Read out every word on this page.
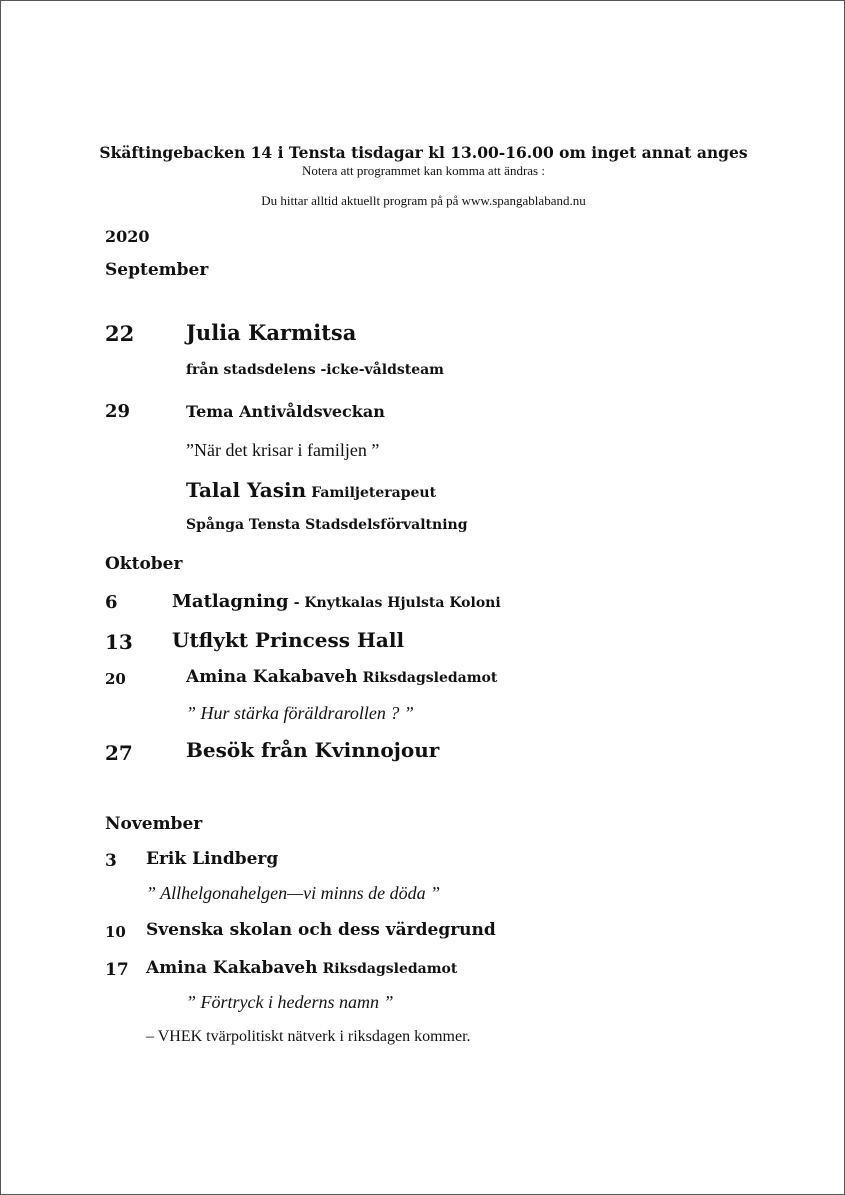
Skäftingebacken 14 i Tensta tisdagar kl 13.00-16.00 om inget annat anges
Notera att programmet kan komma att ändras :
Du hittar alltid aktuellt program på på www.spangablaband.nu
2020
September
22 Julia Karmitsa
från stadsdelens -icke-våldsteam
29	Tema Antivåldsveckan
”När det krisar i familjen ”
Talal Yasin Familjeterapeut
Spånga Tensta Stadsdelsförvaltning
Oktober
6	Matlagning - Knytkalas Hjulsta Koloni
13 Utflykt Princess Hall
20	Amina Kakabaveh Riksdagsledamot
” Hur stärka föräldrarollen ? ”
27	Besök från Kvinnojour
November
3 Erik Lindberg
” Allhelgonahelgen—vi minns de döda ”
10 Svenska skolan och dess värdegrund
17 Amina Kakabaveh Riksdagsledamot
” Förtryck i hederns namn ”
– VHEK tvärpolitiskt nätverk i riksdagen kommer.
